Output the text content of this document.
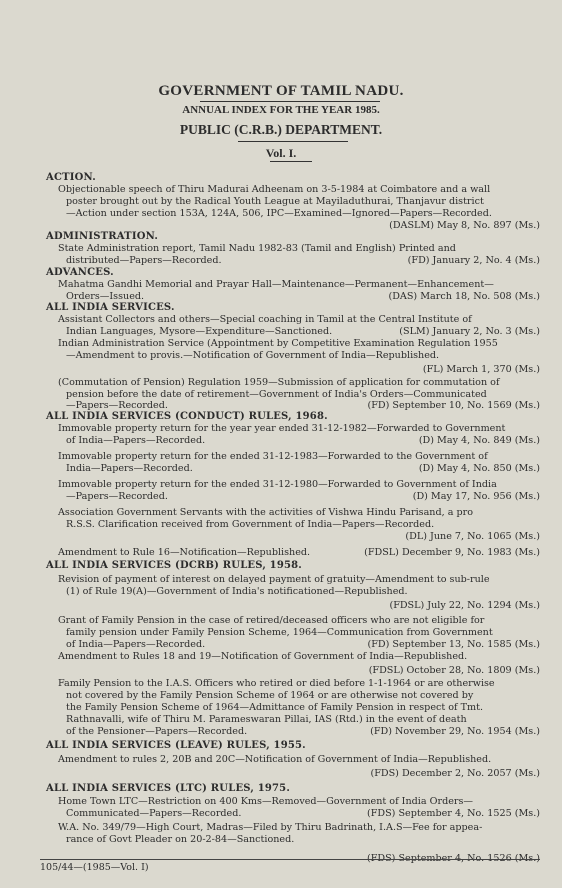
GOVERNMENT OF TAMIL NADU.
ANNUAL INDEX FOR THE YEAR 1985.
PUBLIC (C.R.B.) DEPARTMENT.
Vol. I.
ACTION.
Objectionable speech of Thiru Madurai Adheenam on 3-5-1984 at Coimbatore and a wall
poster brought out by the Radical Youth League at Mayiladuthurai, Thanjavur district
—Action under section 153A, 124A, 506, IPC—Examined—Ignored—Papers—Recorded.
(DASLM) May 8, No. 897 (Ms.)
ADMINISTRATION.
State Administration report, Tamil Nadu 1982-83 (Tamil and English) Printed and
distributed—Papers—Recorded.	(FD) January 2, No. 4 (Ms.)
ADVANCES.
Mahatma Gandhi Memorial and Prayar Hall—Maintenance—Permanent—Enhancement—
Orders—Issued.	(DAS) March 18, No. 508 (Ms.)
ALL INDIA SERVICES.
Assistant Collectors and others—Special coaching in Tamil at the Central Institute of
Indian Languages, Mysore—Expenditure—Sanctioned.	(SLM) January 2, No. 3 (Ms.)
Indian Administration Service (Appointment by Competitive Examination Regulation 1955
—Amendment to provis.—Notification of Government of India—Republished.
(FL) March 1, 370 (Ms.)
(Commutation of Pension) Regulation 1959—Submission of application for commutation of
pension before the date of retirement—Government of India's Orders—Communicated
—Papers—Recorded.	(FD) September 10, No. 1569 (Ms.)
ALL INDIA SERVICES (CONDUCT) RULES, 1968.
Immovable property return for the year year ended 31-12-1982—Forwarded to Government
of India—Papers—Recorded.	(D) May 4, No. 849 (Ms.)
Immovable property return for the ended 31-12-1983—Forwarded to the Government of
India—Papers—Recorded.	(D) May 4, No. 850 (Ms.)
Immovable property return for the ended 31-12-1980—Forwarded to Government of India
—Papers—Recorded.	(D) May 17, No. 956 (Ms.)
Association Government Servants with the activities of Vishwa Hindu Parisand, a pro
R.S.S. Clarification received from Government of India—Papers—Recorded.
(DL) June 7, No. 1065 (Ms.)
Amendment to Rule 16—Notification—Republished.	(FDSL) December 9, No. 1983 (Ms.)
ALL INDIA SERVICES (DCRB) RULES, 1958.
Revision of payment of interest on delayed payment of gratuity—Amendment to sub-rule
(1) of Rule 19(A)—Government of India's notificationed—Republished.
(FDSL) July 22, No. 1294 (Ms.)
Grant of Family Pension in the case of retired/deceased officers who are not eligible for
family pension under Family Pension Scheme, 1964—Communication from Government
of India—Papers—Recorded.	(FD) September 13, No. 1585 (Ms.)
Amendment to Rules 18 and 19—Notification of Government of India—Republished.
(FDSL) October 28, No. 1809 (Ms.)
Family Pension to the I.A.S. Officers who retired or died before 1-1-1964 or are otherwise
not covered by the Family Pension Scheme of 1964 or are otherwise not covered by
the Family Pension Scheme of 1964—Admittance of Family Pension in respect of Tmt.
Rathnavalli, wife of Thiru M. Parameswaran Pillai, IAS (Rtd.) in the event of death
of the Pensioner—Papers—Recorded.	(FD) November 29, No. 1954 (Ms.)
ALL INDIA SERVICES (LEAVE) RULES, 1955.
Amendment to rules 2, 20B and 20C—Notification of Government of India—Republished.
(FDS) December 2, No. 2057 (Ms.)
ALL INDIA SERVICES (LTC) RULES, 1975.
Home Town LTC—Restriction on 400 Kms—Removed—Government of India Orders—
Communicated—Papers—Recorded.	(FDS) September 4, No. 1525 (Ms.)
W.A. No. 349/79—High Court, Madras—Filed by Thiru Badrinath, I.A.S—Fee for appea-
rance of Govt Pleader on 20-2-84—Sanctioned.
(FDS) September 4, No. 1526 (Ms.)
105/44—(1985—Vol. I)
